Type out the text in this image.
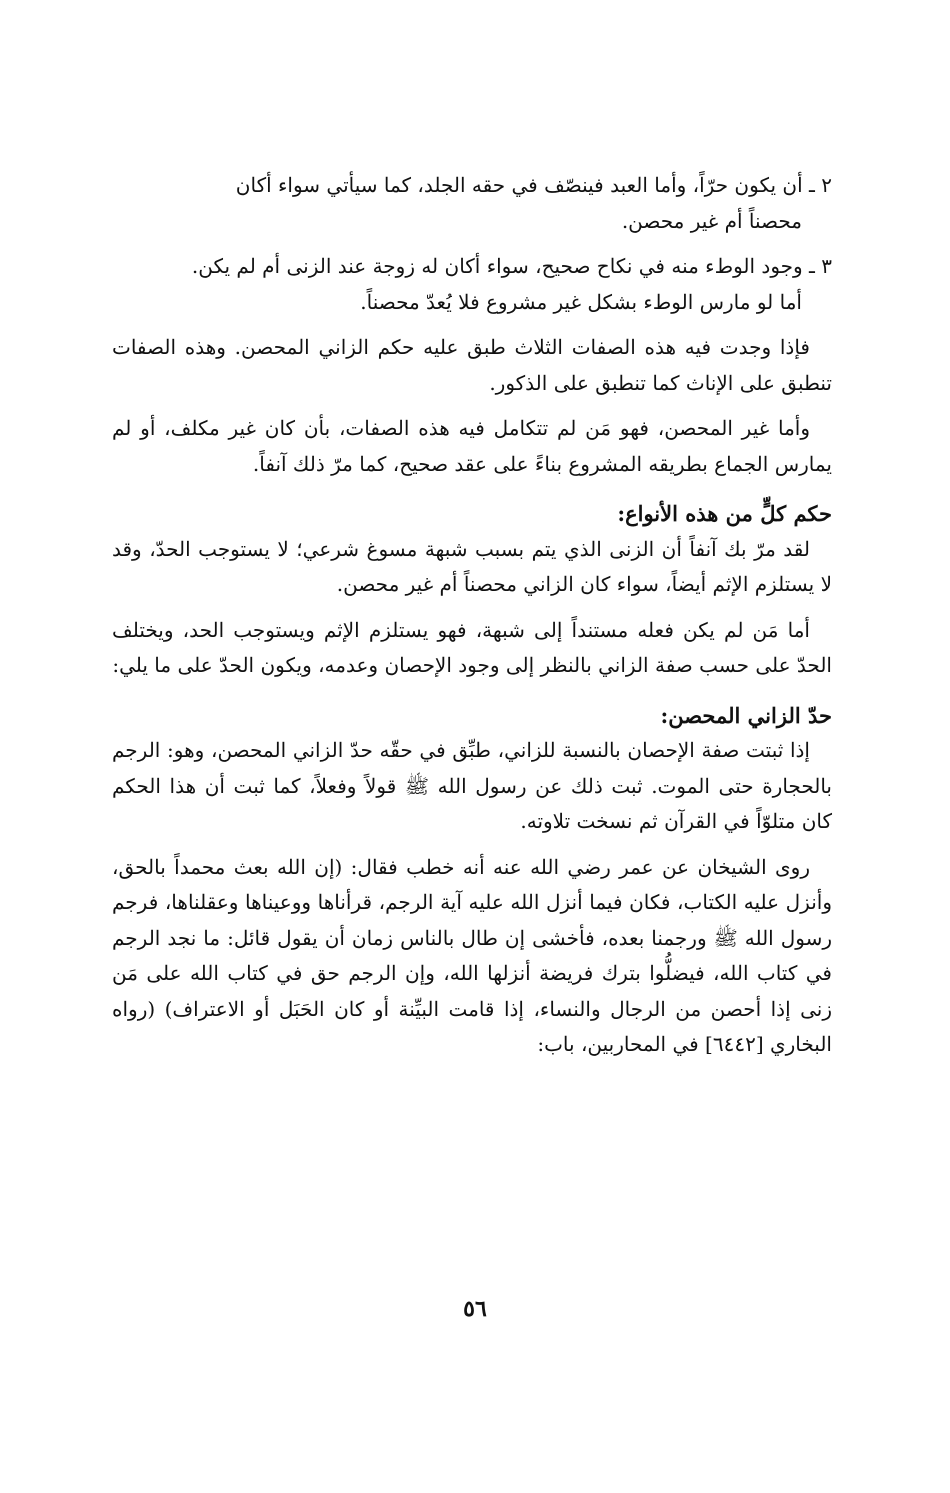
٢ ـ أن يكون حرّاً، وأما العبد فينصّف في حقه الجلد، كما سيأتي سواء أكان

محصناً أم غير محصن.

٣ ـ وجود الوطء منه في نكاح صحيح، سواء أكان له زوجة عند الزنى أم لم يكن.

أما لو مارس الوطء بشكل غير مشروع فلا يُعدّ محصناً.

فإذا وجدت فيه هذه الصفات الثلاث طبق عليه حكم الزاني المحصن. وهذه الصفات تنطبق على الإناث كما تنطبق على الذكور.

وأما غير المحصن، فهو مَن لم تتكامل فيه هذه الصفات، بأن كان غير مكلف، أو لم يمارس الجماع بطريقه المشروع بناءً على عقد صحيح، كما مرّ ذلك آنفاً.

حكم كلٍّ من هذه الأنواع:

لقد مرّ بك آنفاً أن الزنى الذي يتم بسبب شبهة مسوغ شرعي؛ لا يستوجب الحدّ، وقد لا يستلزم الإثم أيضاً، سواء كان الزاني محصناً أم غير محصن.

أما مَن لم يكن فعله مستنداً إلى شبهة، فهو يستلزم الإثم ويستوجب الحد، ويختلف الحدّ على حسب صفة الزاني بالنظر إلى وجود الإحصان وعدمه، ويكون الحدّ على ما يلي:

حدّ الزاني المحصن:

إذا ثبتت صفة الإحصان بالنسبة للزاني، طبِّق في حقّه حدّ الزاني المحصن، وهو: الرجم بالحجارة حتى الموت. ثبت ذلك عن رسول الله ﷺ قولاً وفعلاً، كما ثبت أن هذا الحكم كان متلوّاً في القرآن ثم نسخت تلاوته.

روى الشيخان عن عمر رضي الله عنه أنه خطب فقال: (إن الله بعث محمداً بالحق، وأنزل عليه الكتاب، فكان فيما أنزل الله عليه آية الرجم، قرأناها ووعيناها وعقلناها، فرجم رسول الله ﷺ ورجمنا بعده، فأخشى إن طال بالناس زمان أن يقول قائل: ما نجد الرجم في كتاب الله، فيضلُّوا بترك فريضة أنزلها الله، وإن الرجم حق في كتاب الله على مَن زنى إذا أحصن من الرجال والنساء، إذا قامت البيِّنة أو كان الحَبَل أو الاعتراف) (رواه البخاري [٦٤٤٢] في المحاربين، باب:

٥٦
